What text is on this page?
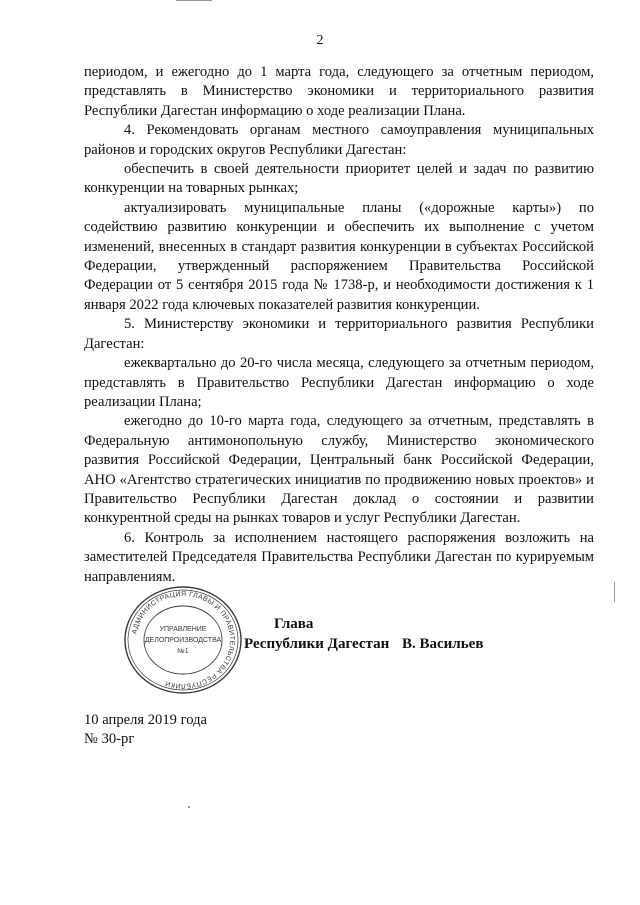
2

периодом, и ежегодно до 1 марта года, следующего за отчетным периодом, представлять в Министерство экономики и территориального развития Республики Дагестан информацию о ходе реализации Плана.

4. Рекомендовать органам местного самоуправления муниципальных районов и городских округов Республики Дагестан:

обеспечить в своей деятельности приоритет целей и задач по развитию конкуренции на товарных рынках;

актуализировать муниципальные планы («дорожные карты») по содействию развитию конкуренции и обеспечить их выполнение с учетом изменений, внесенных в стандарт развития конкуренции в субъектах Российской Федерации, утвержденный распоряжением Правительства Российской Федерации от 5 сентября 2015 года № 1738-р, и необходимости достижения к 1 января 2022 года ключевых показателей развития конкуренции.

5. Министерству экономики и территориального развития Республики Дагестан:

ежеквартально до 20-го числа месяца, следующего за отчетным периодом, представлять в Правительство Республики Дагестан информацию о ходе реализации Плана;

ежегодно до 10-го марта года, следующего за отчетным, представлять в Федеральную антимонопольную службу, Министерство экономического развития Российской Федерации, Центральный банк Российской Федерации, АНО «Агентство стратегических инициатив по продвижению новых проектов» и Правительство Республики Дагестан доклад о состоянии и развитии конкурентной среды на рынках товаров и услуг Республики Дагестан.

6. Контроль за исполнением настоящего распоряжения возложить на заместителей Председателя Правительства Республики Дагестан по курируемым направлениям.

Глава
Республики Дагестан В. Васильев
АДМИНИСТРАЦИЯ ГЛАВЫ И ПРАВИТЕЛЬСТВА РЕСПУБЛИКИ
УПРАВЛЕНИЕ
ДЕЛОПРОИЗВОДСТВА
№1
10 апреля 2019 года
№ 30-рг
